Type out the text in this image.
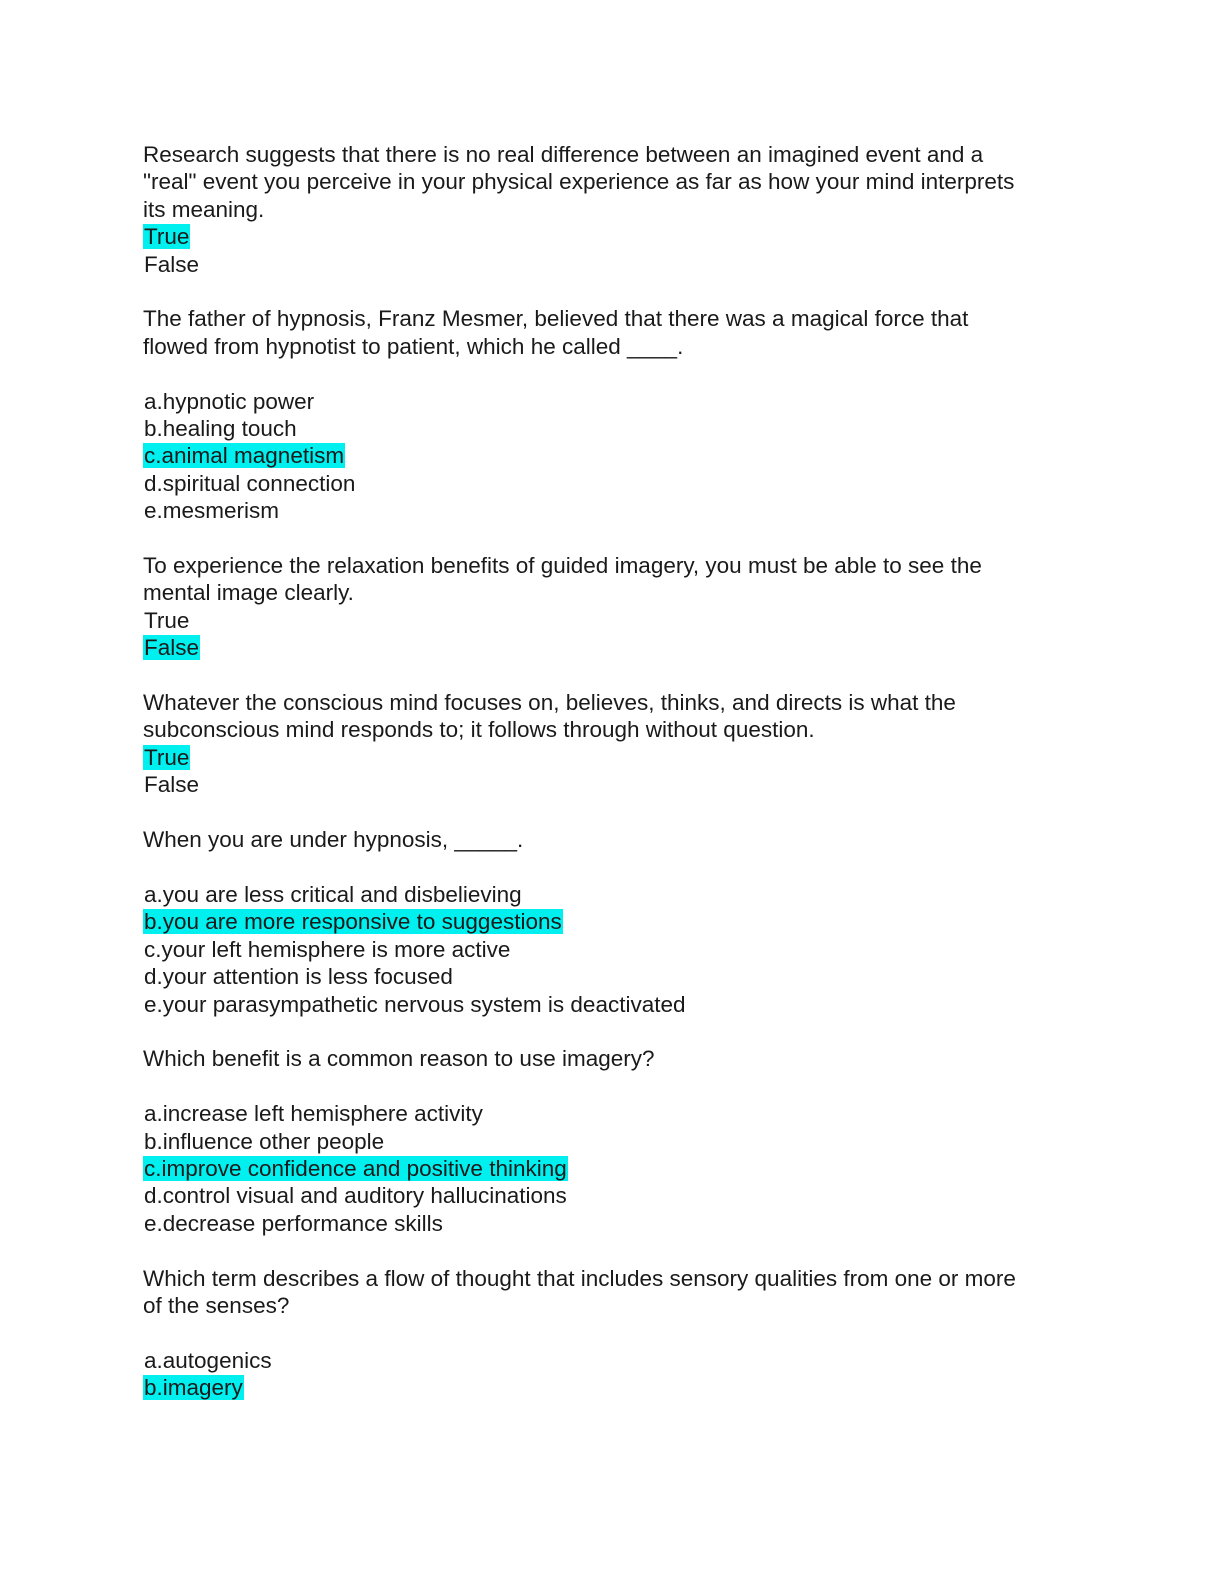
Research suggests that there is no real difference between an imagined event and a
"real" event you perceive in your physical experience as far as how your mind interprets
its meaning.
True
False
The father of hypnosis, Franz Mesmer, believed that there was a magical force that
flowed from hypnotist to patient, which he called ____.
a.hypnotic power
b.healing touch
c.animal magnetism
d.spiritual connection
e.mesmerism
To experience the relaxation benefits of guided imagery, you must be able to see the
mental image clearly.
True
False
Whatever the conscious mind focuses on, believes, thinks, and directs is what the
subconscious mind responds to; it follows through without question.
True
False
When you are under hypnosis, _____.
a.you are less critical and disbelieving
b.you are more responsive to suggestions
c.your left hemisphere is more active
d.your attention is less focused
e.your parasympathetic nervous system is deactivated
Which benefit is a common reason to use imagery?
a.increase left hemisphere activity
b.influence other people
c.improve confidence and positive thinking
d.control visual and auditory hallucinations
e.decrease performance skills
Which term describes a flow of thought that includes sensory qualities from one or more
of the senses?
a.autogenics
b.imagery
